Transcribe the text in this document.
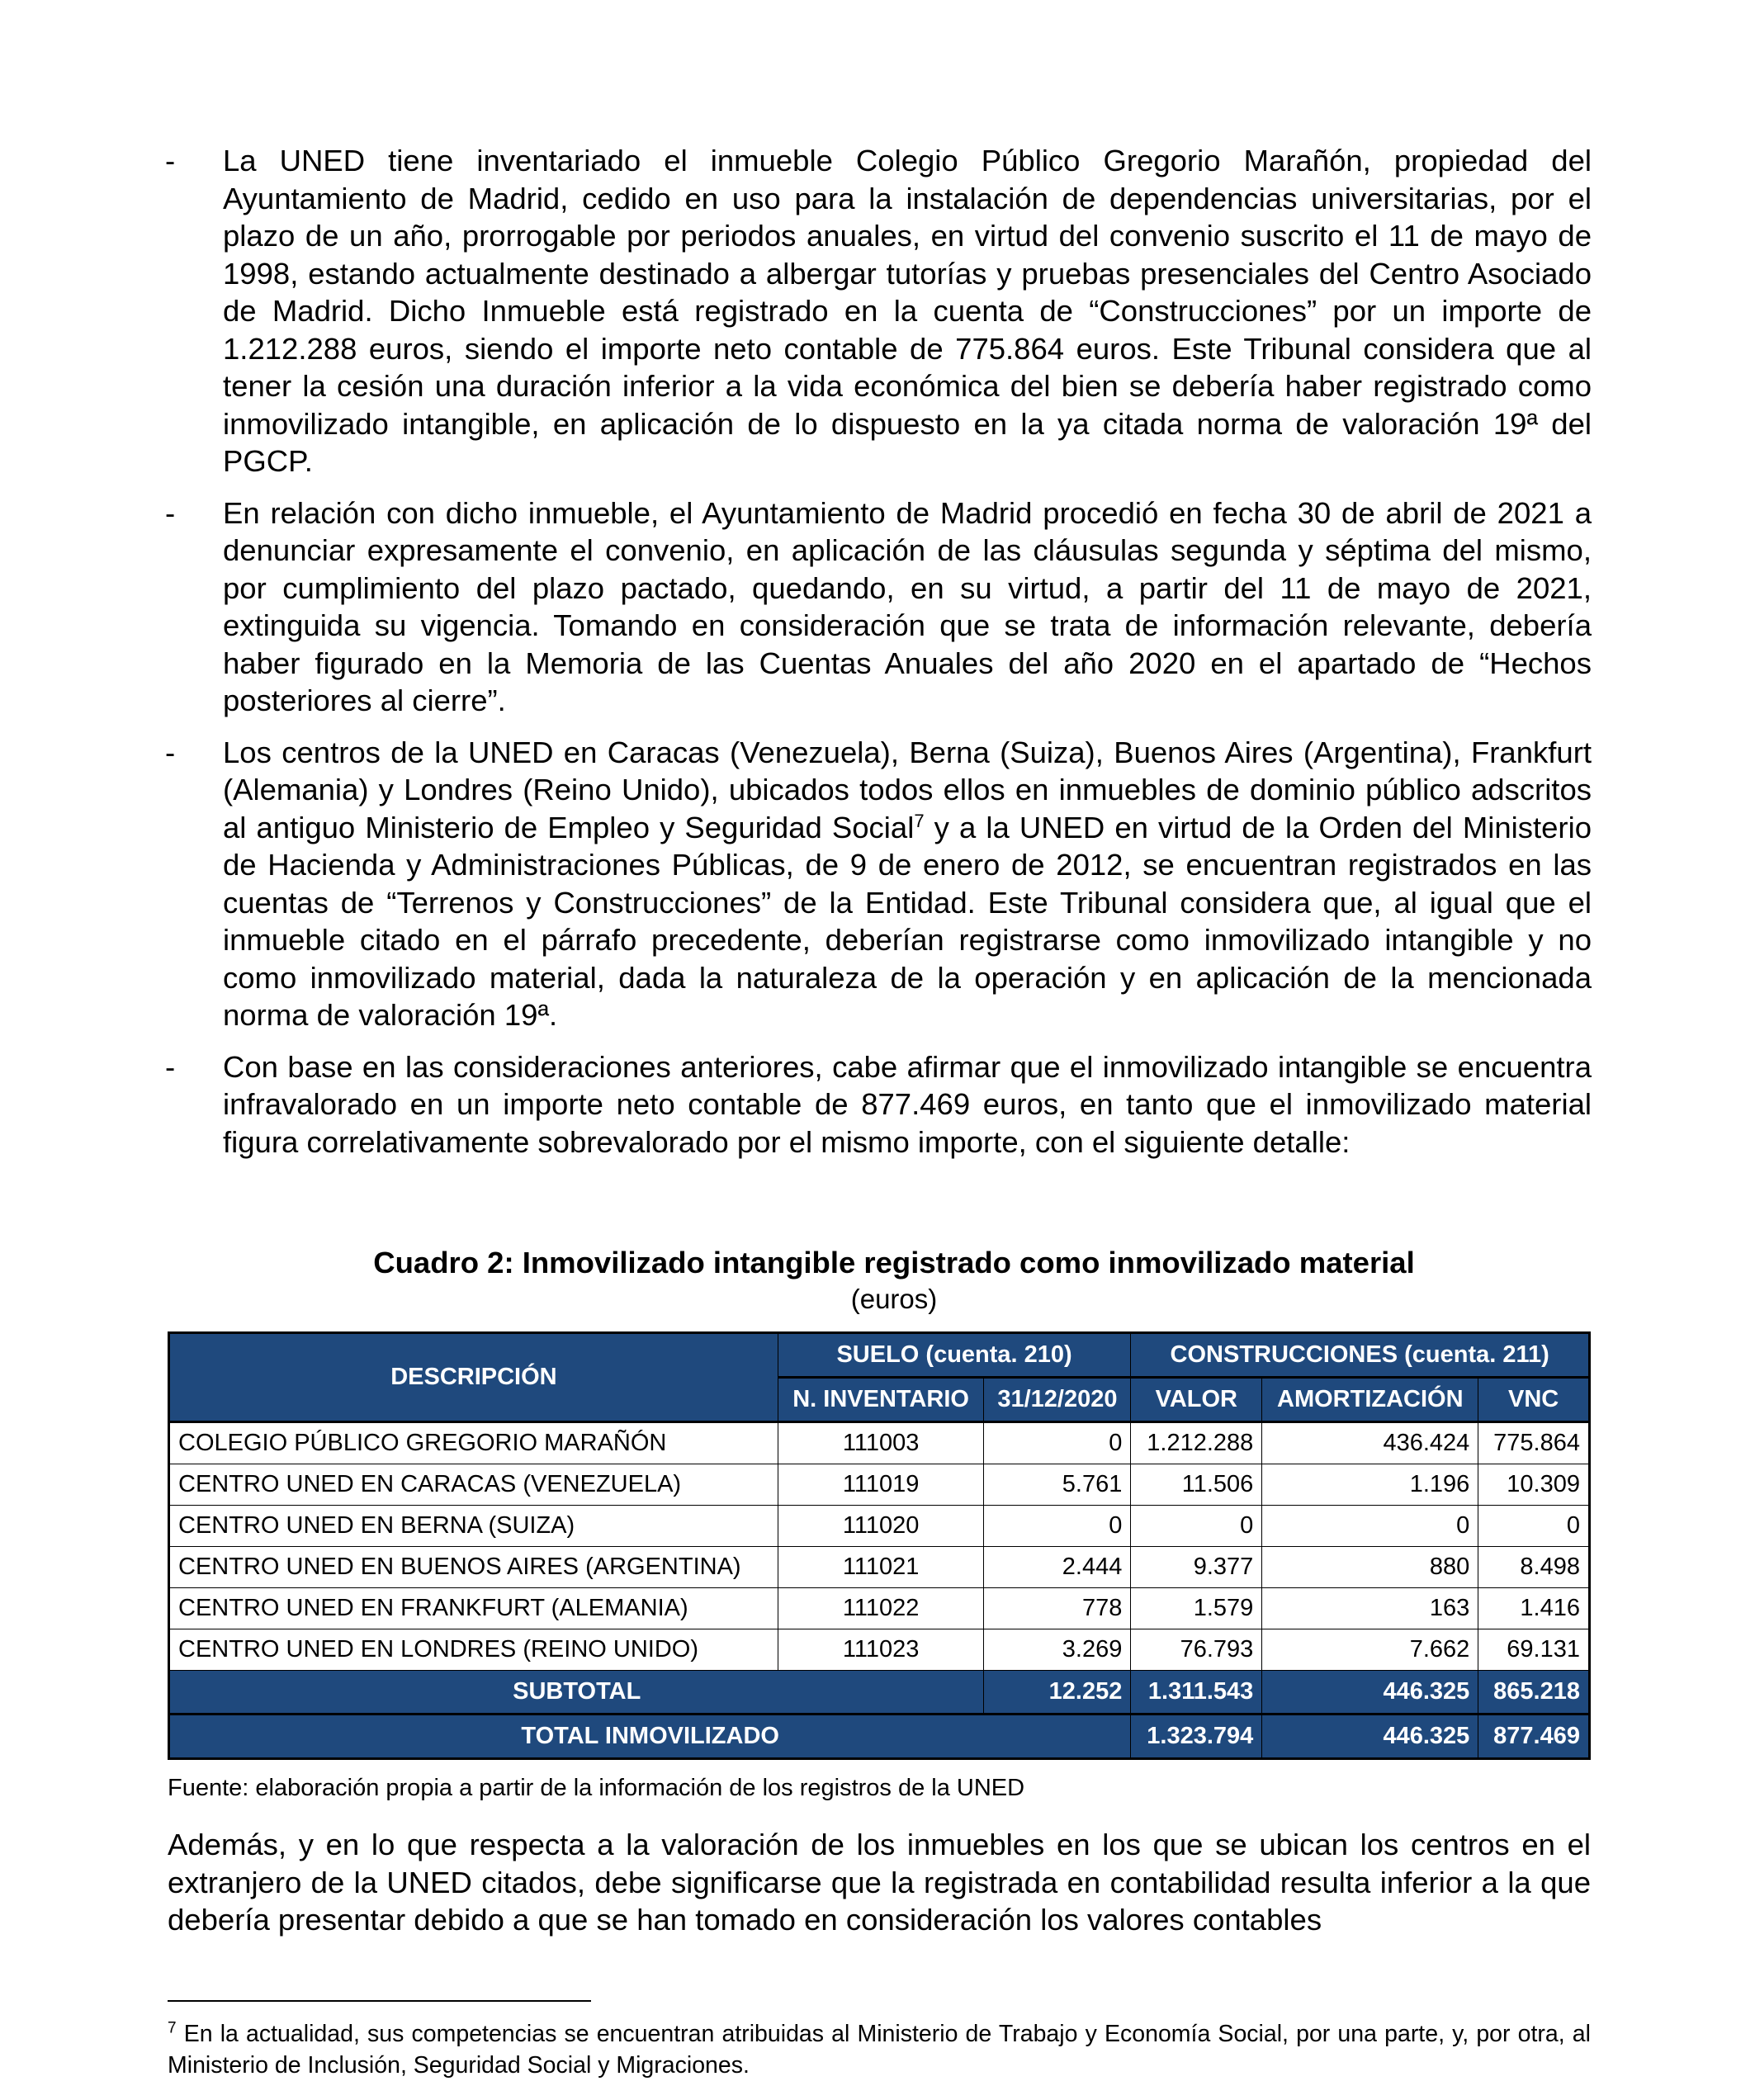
- La UNED tiene inventariado el inmueble Colegio Público Gregorio Marañón, propiedad del Ayuntamiento de Madrid, cedido en uso para la instalación de dependencias universitarias, por el plazo de un año, prorrogable por periodos anuales, en virtud del convenio suscrito el 11 de mayo de 1998, estando actualmente destinado a albergar tutorías y pruebas presenciales del Centro Asociado de Madrid. Dicho Inmueble está registrado en la cuenta de “Construcciones” por un importe de 1.212.288 euros, siendo el importe neto contable de 775.864 euros. Este Tribunal considera que al tener la cesión una duración inferior a la vida económica del bien se debería haber registrado como inmovilizado intangible, en aplicación de lo dispuesto en la ya citada norma de valoración 19ª del PGCP.
- En relación con dicho inmueble, el Ayuntamiento de Madrid procedió en fecha 30 de abril de 2021 a denunciar expresamente el convenio, en aplicación de las cláusulas segunda y séptima del mismo, por cumplimiento del plazo pactado, quedando, en su virtud, a partir del 11 de mayo de 2021, extinguida su vigencia. Tomando en consideración que se trata de información relevante, debería haber figurado en la Memoria de las Cuentas Anuales del año 2020 en el apartado de “Hechos posteriores al cierre”.
- Los centros de la UNED en Caracas (Venezuela), Berna (Suiza), Buenos Aires (Argentina), Frankfurt (Alemania) y Londres (Reino Unido), ubicados todos ellos en inmuebles de dominio público adscritos al antiguo Ministerio de Empleo y Seguridad Social$^7$ y a la UNED en virtud de la Orden del Ministerio de Hacienda y Administraciones Públicas, de 9 de enero de 2012, se encuentran registrados en las cuentas de “Terrenos y Construcciones” de la Entidad. Este Tribunal considera que, al igual que el inmueble citado en el párrafo precedente, deberían registrarse como inmovilizado intangible y no como inmovilizado material, dada la naturaleza de la operación y en aplicación de la mencionada norma de valoración 19ª.
- Con base en las consideraciones anteriores, cabe afirmar que el inmovilizado intangible se encuentra infravalorado en un importe neto contable de 877.469 euros, en tanto que el inmovilizado material figura correlativamente sobrevalorado por el mismo importe, con el siguiente detalle:
Cuadro 2: Inmovilizado intangible registrado como inmovilizado material
(euros)
DESCRIPCIÓN	SUELO (cuenta. 210)		CONSTRUCCIONES (cuenta. 211)		
	N. INVENTARIO	31/12/2020	VALOR	AMORTIZACIÓN	VNC
COLEGIO PÚBLICO GREGORIO MARAÑÓN	111003	0	1.212.288	436.424	775.864
CENTRO UNED EN CARACAS (VENEZUELA)	111019	5.761	11.506	1.196	10.309
CENTRO UNED EN BERNA (SUIZA)	111020	0	0	0	0
CENTRO UNED EN BUENOS AIRES (ARGENTINA)	111021	2.444	9.377	880	8.498
CENTRO UNED EN FRANKFURT (ALEMANIA)	111022	778	1.579	163	1.416
CENTRO UNED EN LONDRES (REINO UNIDO)	111023	3.269	76.793	7.662	69.131
SUBTOTAL		12.252	1.311.543	446.325	865.218
TOTAL INMOVILIZADO			1.323.794	446.325	877.469
Fuente: elaboración propia a partir de la información de los registros de la UNED
Además, y en lo que respecta a la valoración de los inmuebles en los que se ubican los centros en el extranjero de la UNED citados, debe significarse que la registrada en contabilidad resulta inferior a la que debería presentar debido a que se han tomado en consideración los valores contables
$^7$ En la actualidad, sus competencias se encuentran atribuidas al Ministerio de Trabajo y Economía Social, por una parte, y, por otra, al Ministerio de Inclusión, Seguridad Social y Migraciones.
